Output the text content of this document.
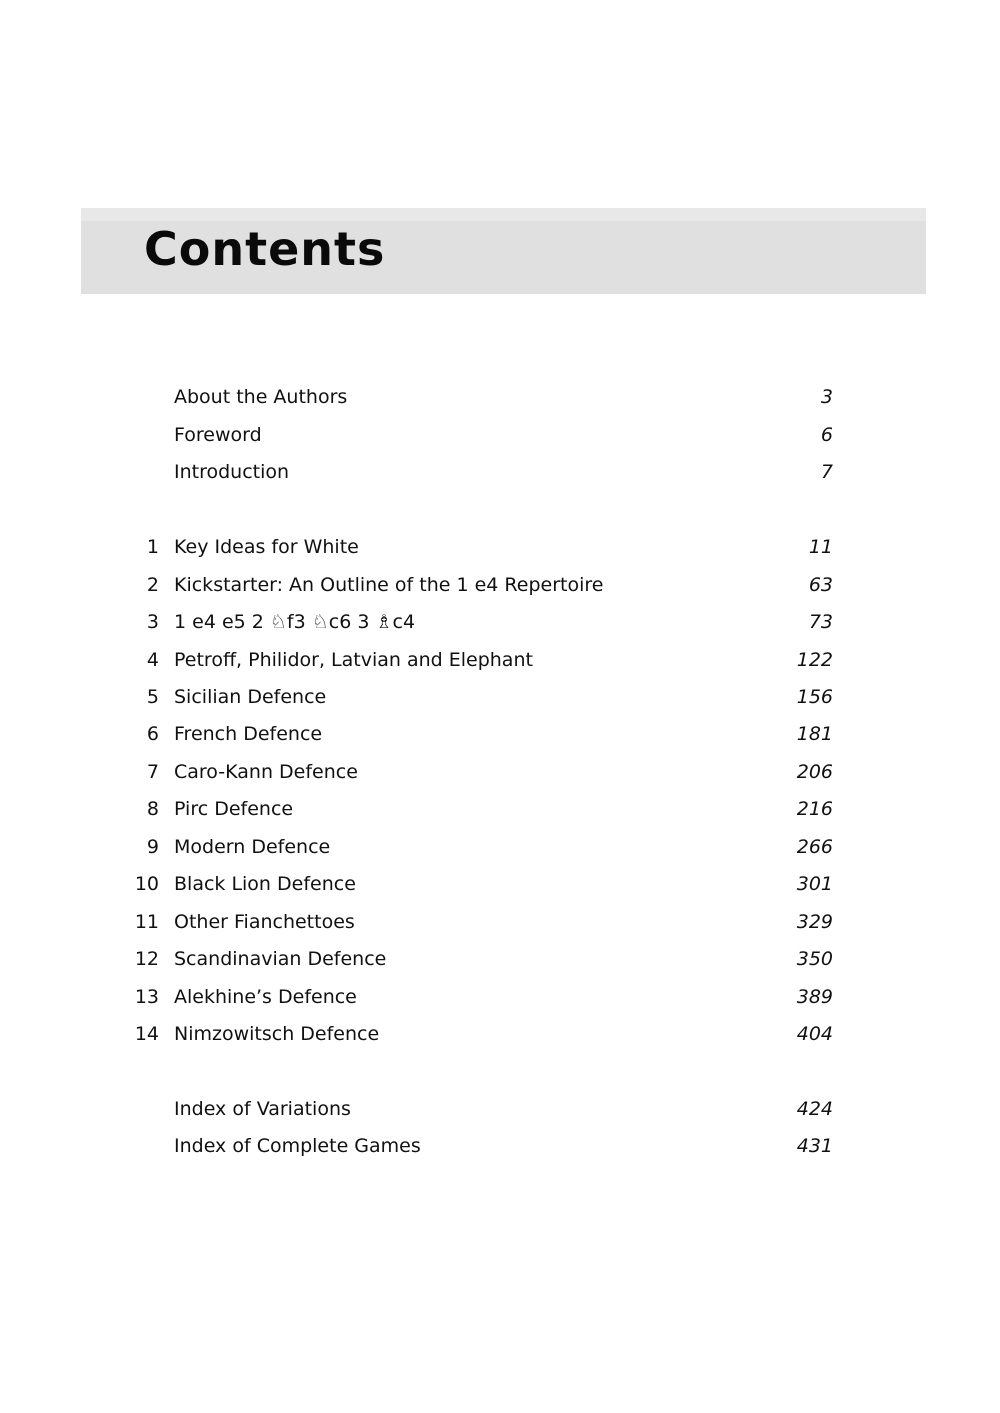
Contents
About the Authors	3
Foreword	6
Introduction	7
1 Key Ideas for White	11
2 Kickstarter: An Outline of the 1 e4 Repertoire	63
3 1 e4 e5 2 ♘f3 ♘c6 3 ♗c4	73
4 Petroff, Philidor, Latvian and Elephant	122
5 Sicilian Defence	156
6 French Defence	181
7 Caro-Kann Defence	206
8 Pirc Defence	216
9 Modern Defence	266
10 Black Lion Defence	301
11 Other Fianchettoes	329
12 Scandinavian Defence	350
13 Alekhine’s Defence	389
14 Nimzowitsch Defence	404
Index of Variations	424
Index of Complete Games	431
